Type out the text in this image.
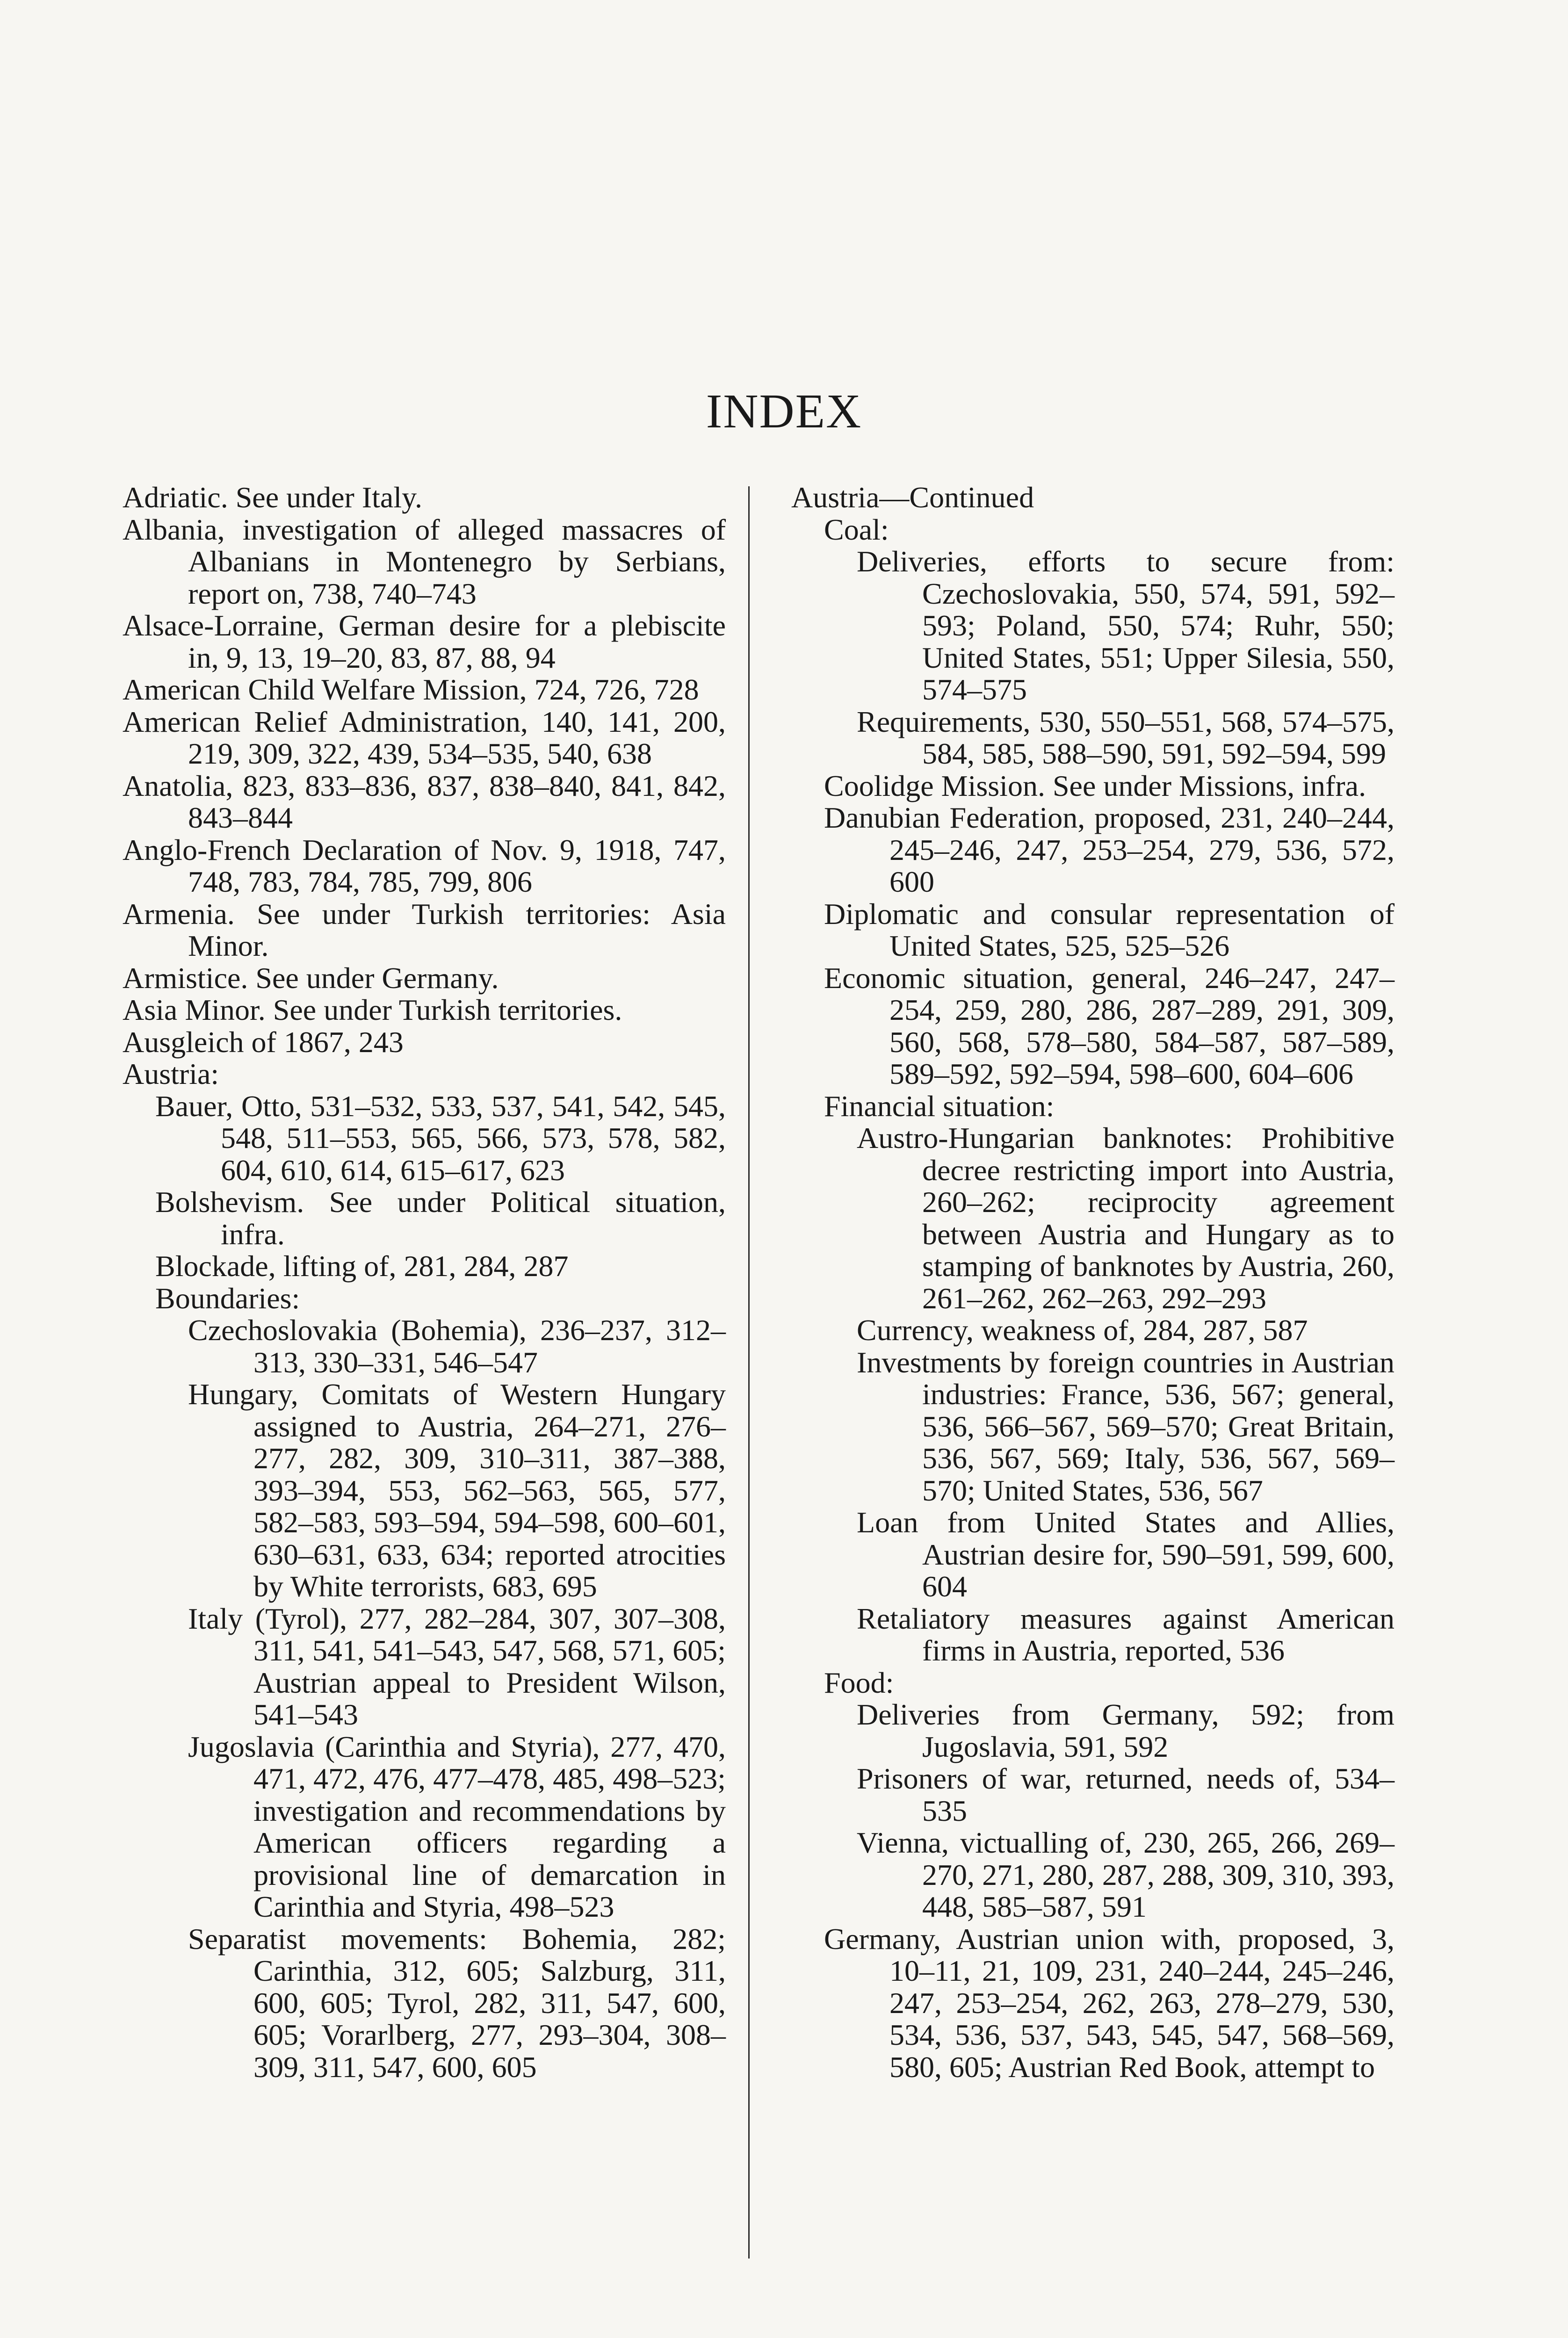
INDEX

Adriatic. See under Italy.

Albania, investigation of alleged massacres of Albanians in Montenegro by Serbians, report on, 738, 740–743

Alsace-Lorraine, German desire for a plebiscite in, 9, 13, 19–20, 83, 87, 88, 94

American Child Welfare Mission, 724, 726, 728

American Relief Administration, 140, 141, 200, 219, 309, 322, 439, 534–535, 540, 638

Anatolia, 823, 833–836, 837, 838–840, 841, 842, 843–844

Anglo-French Declaration of Nov. 9, 1918, 747, 748, 783, 784, 785, 799, 806

Armenia. See under Turkish territories: Asia Minor.

Armistice. See under Germany.

Asia Minor. See under Turkish territories.

Ausgleich of 1867, 243

Austria:

Bauer, Otto, 531–532, 533, 537, 541, 542, 545, 548, 511–553, 565, 566, 573, 578, 582, 604, 610, 614, 615–617, 623

Bolshevism. See under Political situation, infra.

Blockade, lifting of, 281, 284, 287

Boundaries:

Czechoslovakia (Bohemia), 236–237, 312–313, 330–331, 546–547

Hungary, Comitats of Western Hungary assigned to Austria, 264–271, 276–277, 282, 309, 310–311, 387–388, 393–394, 553, 562–563, 565, 577, 582–583, 593–594, 594–598, 600–601, 630–631, 633, 634; reported atrocities by White terrorists, 683, 695

Italy (Tyrol), 277, 282–284, 307, 307–308, 311, 541, 541–543, 547, 568, 571, 605; Austrian appeal to President Wilson, 541–543

Jugoslavia (Carinthia and Styria), 277, 470, 471, 472, 476, 477–478, 485, 498–523; investigation and recommendations by American officers regarding a provisional line of demarcation in Carinthia and Styria, 498–523

Separatist movements: Bohemia, 282; Carinthia, 312, 605; Salzburg, 311, 600, 605; Tyrol, 282, 311, 547, 600, 605; Vorarlberg, 277, 293–304, 308–309, 311, 547, 600, 605

Austria—Continued

Coal:

Deliveries, efforts to secure from: Czechoslovakia, 550, 574, 591, 592–593; Poland, 550, 574; Ruhr, 550; United States, 551; Upper Silesia, 550, 574–575

Requirements, 530, 550–551, 568, 574–575, 584, 585, 588–590, 591, 592–594, 599

Coolidge Mission. See under Missions, infra.

Danubian Federation, proposed, 231, 240–244, 245–246, 247, 253–254, 279, 536, 572, 600

Diplomatic and consular representation of United States, 525, 525–526

Economic situation, general, 246–247, 247–254, 259, 280, 286, 287–289, 291, 309, 560, 568, 578–580, 584–587, 587–589, 589–592, 592–594, 598–600, 604–606

Financial situation:

Austro-Hungarian banknotes: Prohibitive decree restricting import into Austria, 260–262; reciprocity agreement between Austria and Hungary as to stamping of banknotes by Austria, 260, 261–262, 262–263, 292–293

Currency, weakness of, 284, 287, 587

Investments by foreign countries in Austrian industries: France, 536, 567; general, 536, 566–567, 569–570; Great Britain, 536, 567, 569; Italy, 536, 567, 569–570; United States, 536, 567

Loan from United States and Allies, Austrian desire for, 590–591, 599, 600, 604

Retaliatory measures against American firms in Austria, reported, 536

Food:

Deliveries from Germany, 592; from Jugoslavia, 591, 592

Prisoners of war, returned, needs of, 534–535

Vienna, victualling of, 230, 265, 266, 269–270, 271, 280, 287, 288, 309, 310, 393, 448, 585–587, 591

Germany, Austrian union with, proposed, 3, 10–11, 21, 109, 231, 240–244, 245–246, 247, 253–254, 262, 263, 278–279, 530, 534, 536, 537, 543, 545, 547, 568–569, 580, 605; Austrian Red Book, attempt to
